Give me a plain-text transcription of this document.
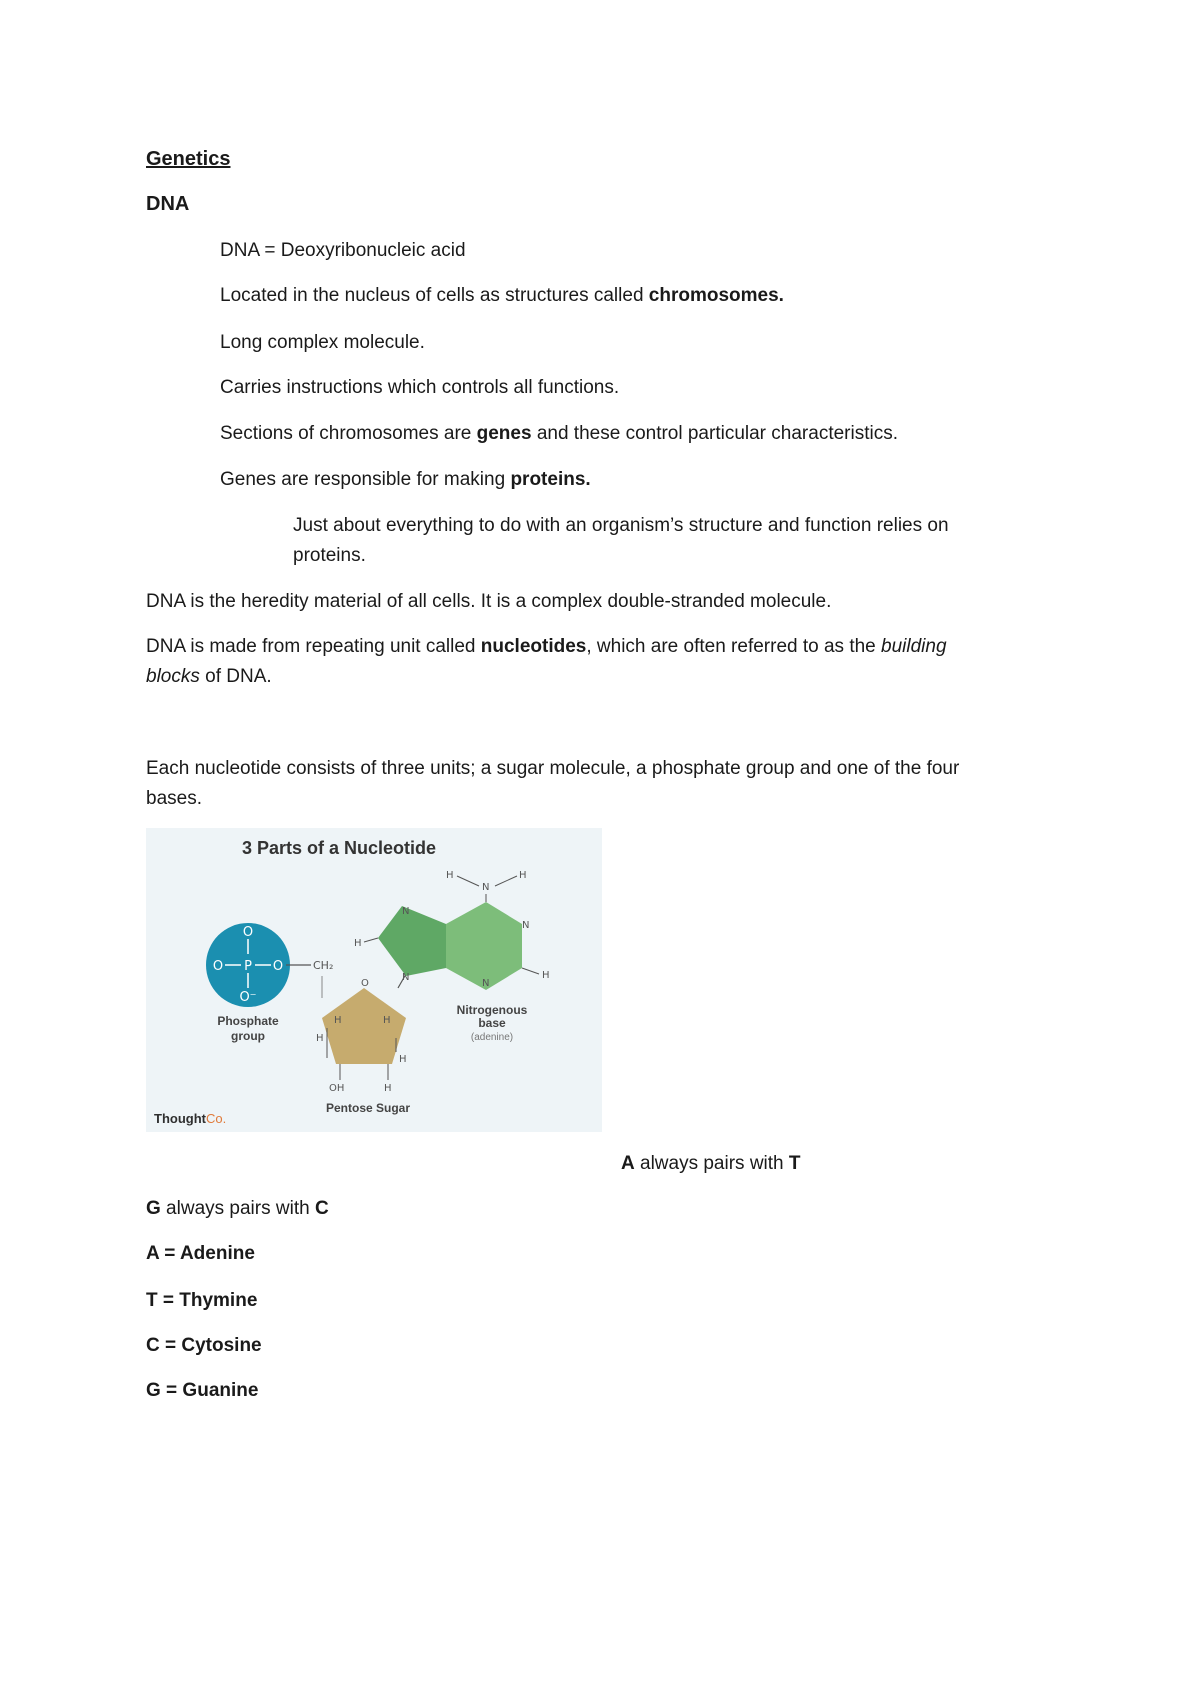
Genetics
DNA
DNA = Deoxyribonucleic acid
Located in the nucleus of cells as structures called chromosomes.
Long complex molecule.
Carries instructions which controls all functions.
Sections of chromosomes are genes and these control particular characteristics.
Genes are responsible for making proteins.
Just about everything to do with an organism’s structure and function relies on
proteins.
DNA is the heredity material of all cells. It is a complex double-stranded molecule.
DNA is made from repeating unit called nucleotides, which are often referred to as the building
blocks of DNA.
Each nucleotide consists of three units; a sugar molecule, a phosphate group and one of the four
bases.
3 Parts of a Nucleotide
O
O P O
O⁻
CH₂
Phosphate
group
O
H	H
H
H
OH	H
Pentose Sugar
N
N
N
N
N
H	H
H
H
Nitrogenous
base
(adenine)
ThoughtCo.
A always pairs with T
G always pairs with C
A = Adenine
T = Thymine
C = Cytosine
G = Guanine
